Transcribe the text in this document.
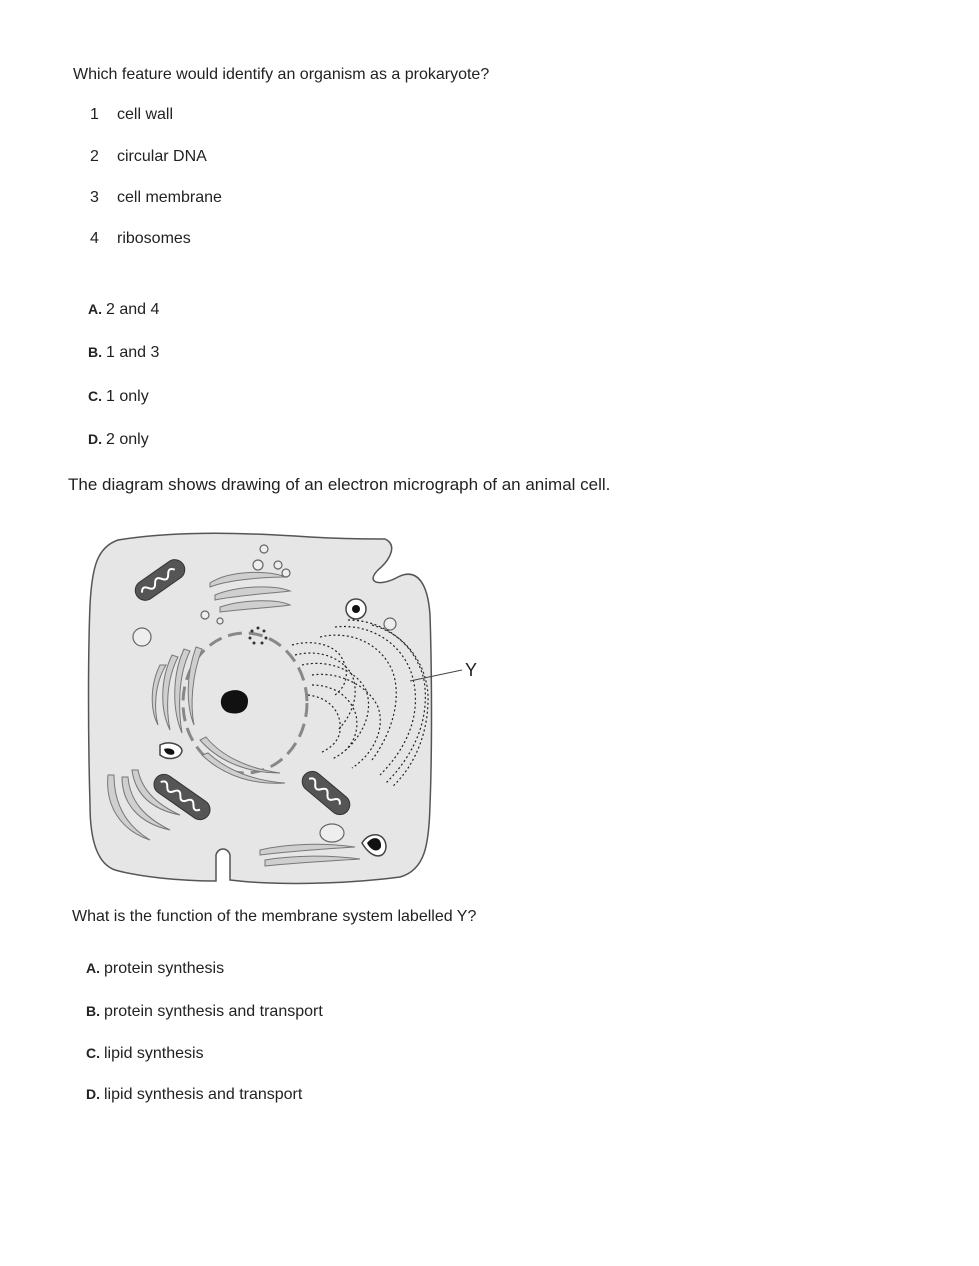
Which feature would identify an organism as a prokaryote?
1 cell wall
2 circular DNA
3 cell membrane
4 ribosomes
A. 2 and 4
B. 1 and 3
C. 1 only
D. 2 only
The diagram shows drawing of an electron micrograph of an animal cell.
Y
What is the function of the membrane system labelled Y?
A. protein synthesis
B. protein synthesis and transport
C. lipid synthesis
D. lipid synthesis and transport
